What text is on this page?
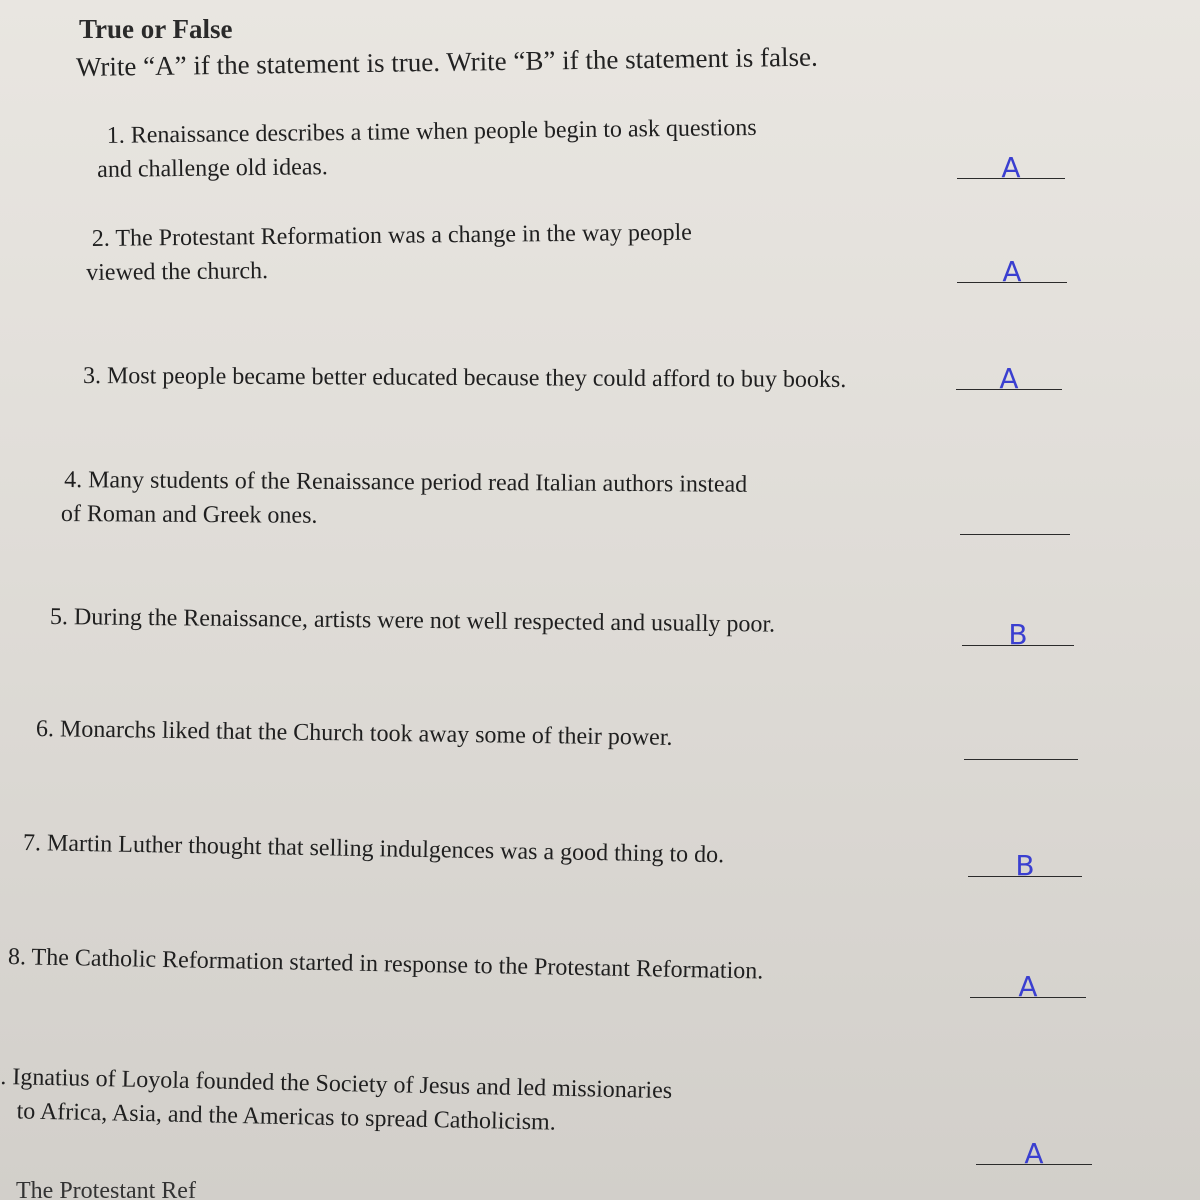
True or False
Write “A” if the statement is true. Write “B” if the statement is false.
1. Renaissance describes a time when people begin to ask questions
and challenge old ideas.	A
2. The Protestant Reformation was a change in the way people
viewed the church.	A
3. Most people became better educated because they could afford to buy books.	A
4. Many students of the Renaissance period read Italian authors instead
of Roman and Greek ones.
5. During the Renaissance, artists were not well respected and usually poor.	B
6. Monarchs liked that the Church took away some of their power.
7. Martin Luther thought that selling indulgences was a good thing to do.	B
8. The Catholic Reformation started in response to the Protestant Reformation.
A
. Ignatius of Loyola founded the Society of Jesus and led missionaries
to Africa, Asia, and the Americas to spread Catholicism.
A
The Protestant Ref
